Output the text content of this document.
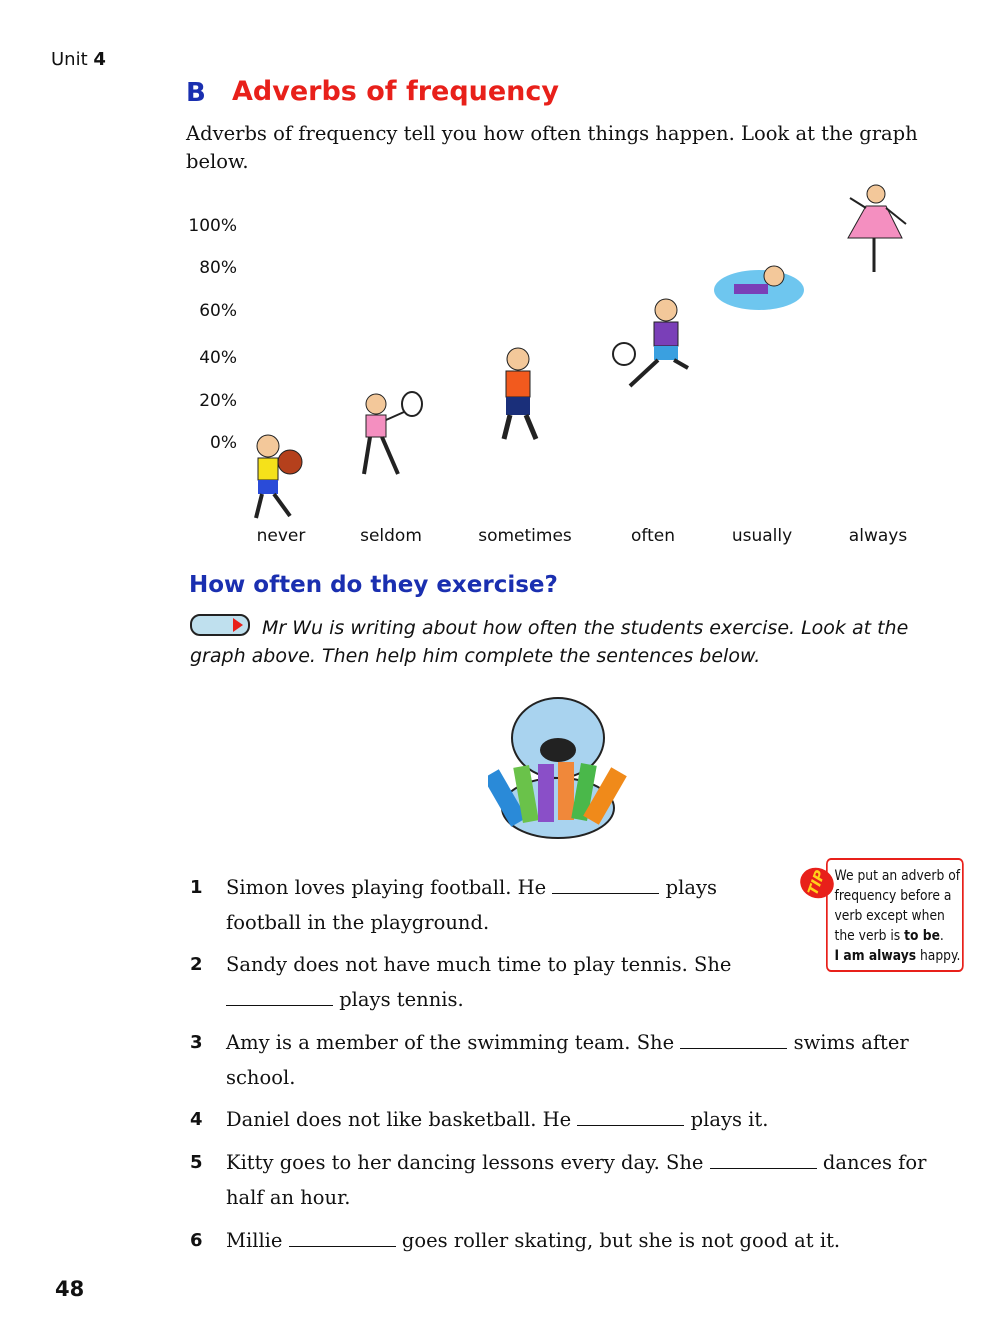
Unit 4
B Adverbs of frequency
Adverbs of frequency tell you how often things happen. Look at the graph below.
100%
80%
60%
40%
20%
0%
never	seldom	sometimes	often	usually	always
How often do they exercise?
Mr Wu is writing about how often the students exercise. Look at the graph above. Then help him complete the sentences below.
1 Simon loves playing football. He	plays football in the playground.
2 Sandy does not have much time to play tennis. She  plays tennis.
3 Amy is a member of the swimming team. She	swims after school.
4 Daniel does not like basketball. He	plays it.
5 Kitty goes to her dancing lessons every day. She	dances for half an hour.
6 Millie	goes roller skating, but she is not good at it.
TIP We put an adverb of frequency before a verb except when the verb is to be.
I am always happy.
48
